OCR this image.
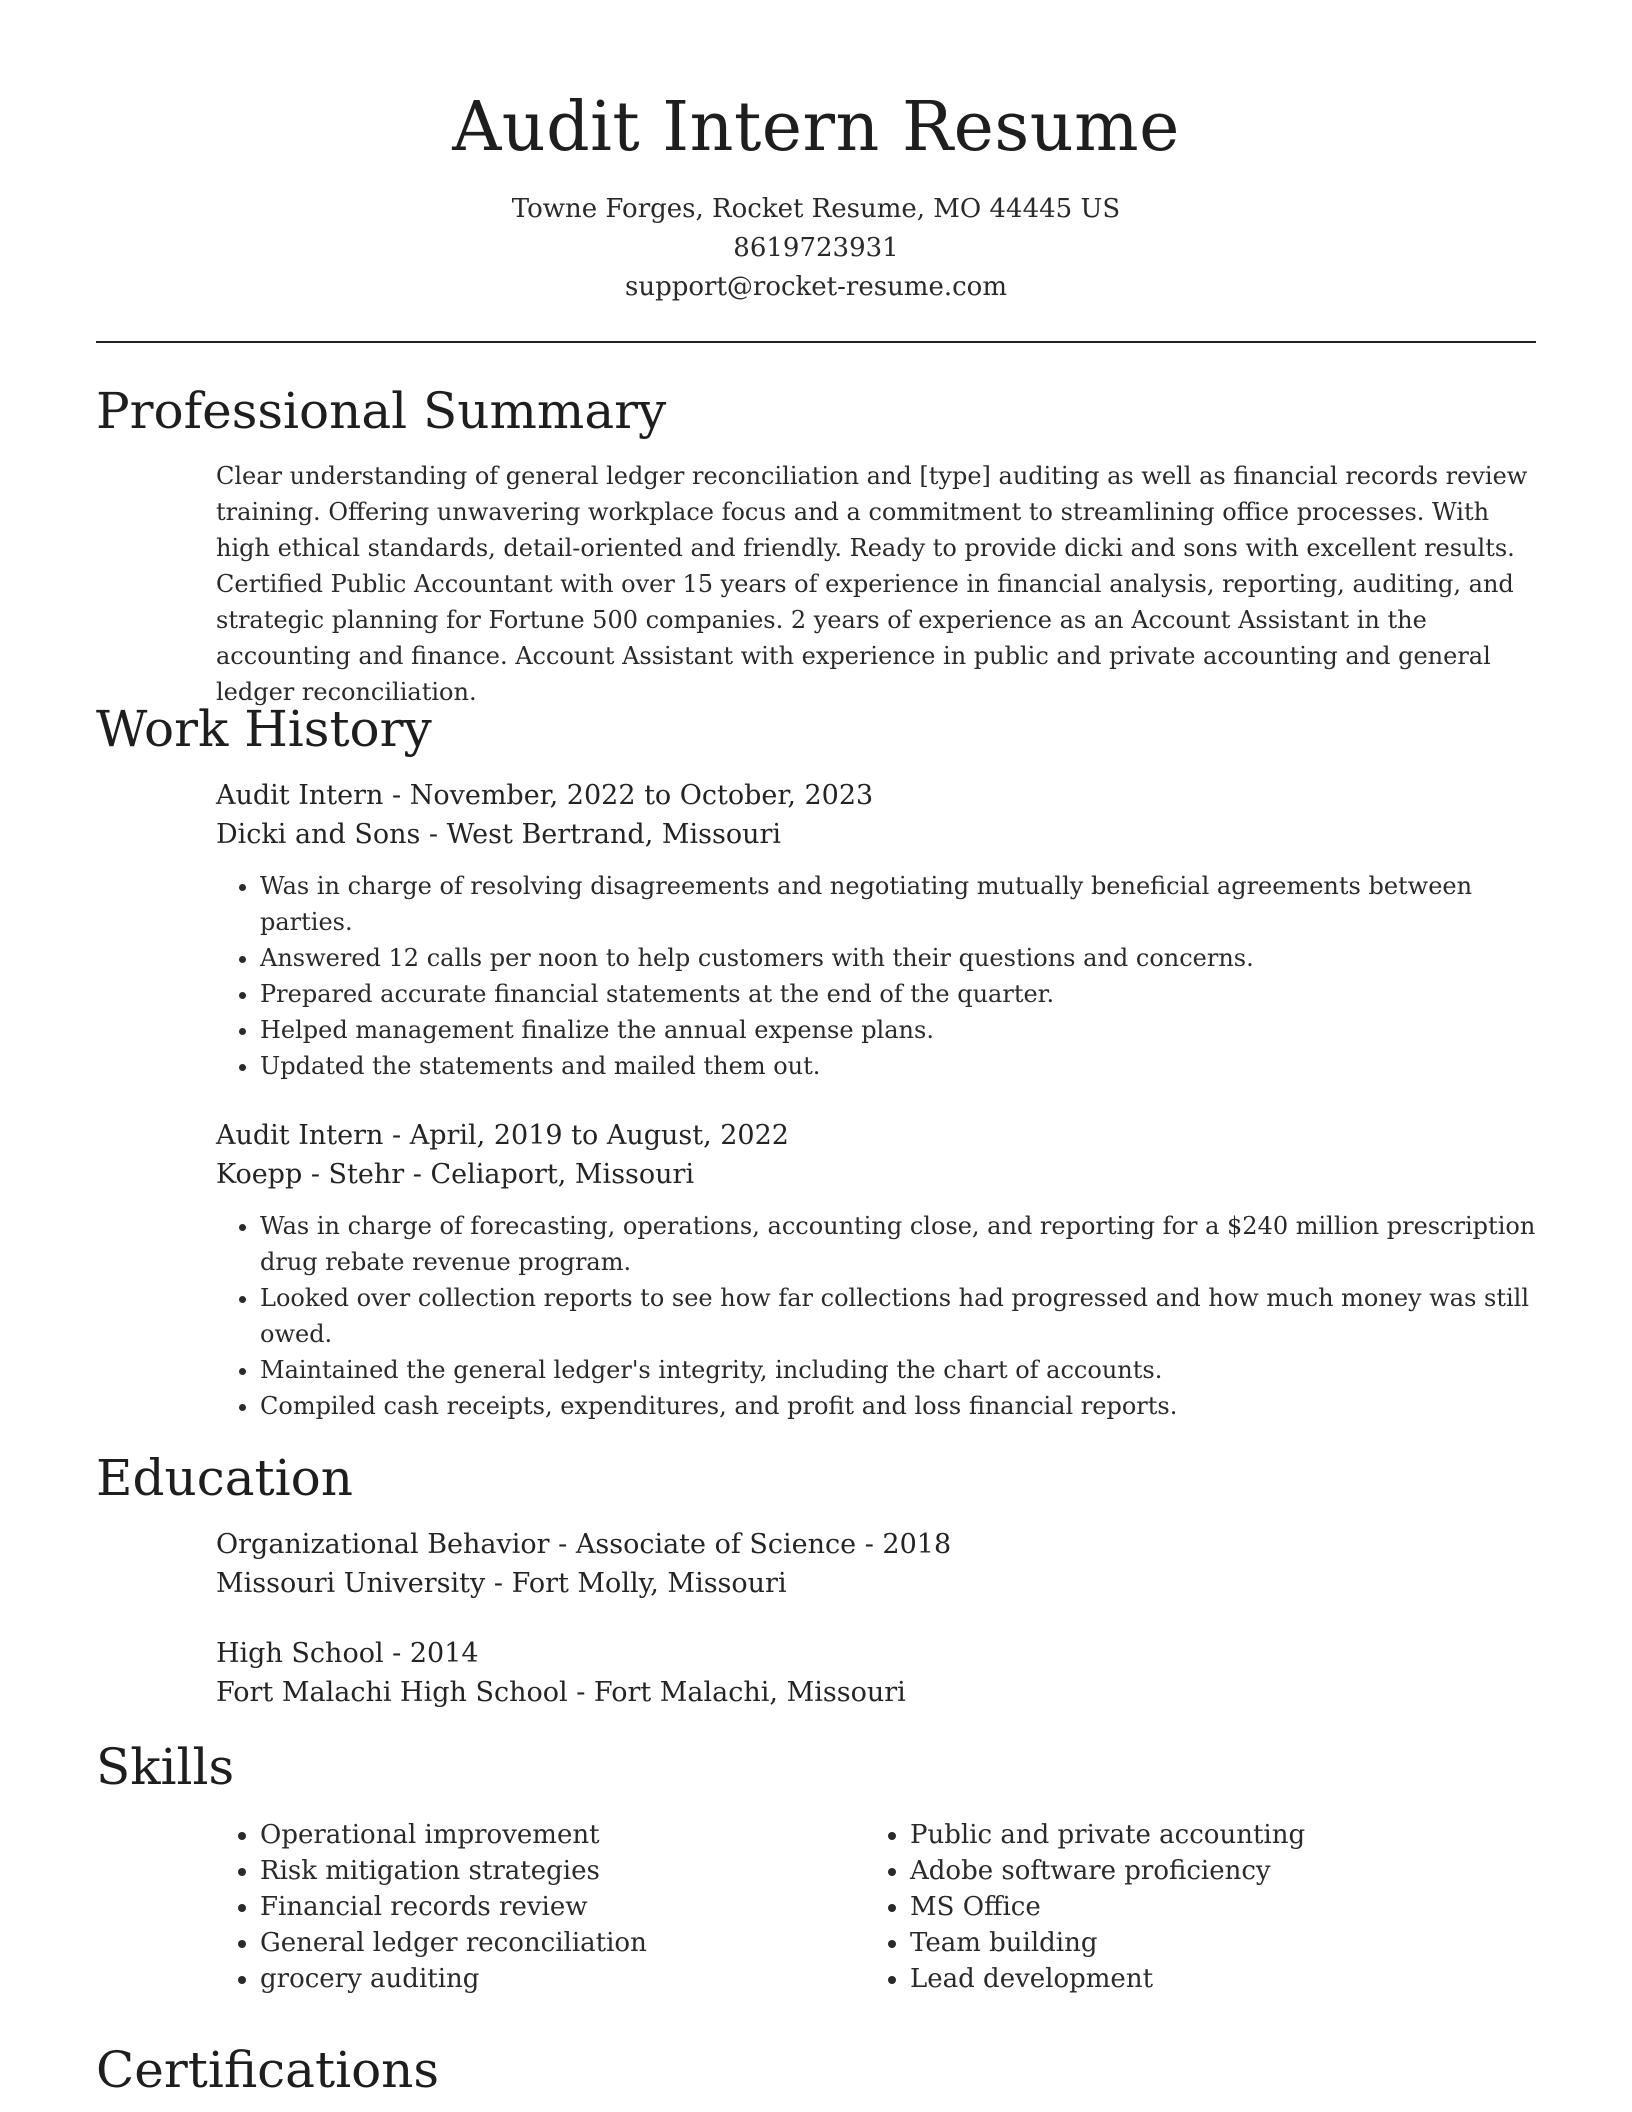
Audit Intern Resume
Towne Forges, Rocket Resume, MO 44445 US
8619723931
support@rocket-resume.com
Professional Summary

Clear understanding of general ledger reconciliation and [type] auditing as well as financial records review training. Offering unwavering workplace focus and a commitment to streamlining office processes. With high ethical standards, detail-oriented and friendly. Ready to provide dicki and sons with excellent results. Certified Public Accountant with over 15 years of experience in financial analysis, reporting, auditing, and strategic planning for Fortune 500 companies. 2 years of experience as an Account Assistant in the accounting and finance. Account Assistant with experience in public and private accounting and general ledger reconciliation.

Work History

Audit Intern - November, 2022 to October, 2023

Dicki and Sons - West Bertrand, Missouri

• Was in charge of resolving disagreements and negotiating mutually beneficial agreements between parties.
• Answered 12 calls per noon to help customers with their questions and concerns.
• Prepared accurate financial statements at the end of the quarter.
• Helped management finalize the annual expense plans.
• Updated the statements and mailed them out.

Audit Intern - April, 2019 to August, 2022

Koepp - Stehr - Celiaport, Missouri

• Was in charge of forecasting, operations, accounting close, and reporting for a $240 million prescription drug rebate revenue program.
• Looked over collection reports to see how far collections had progressed and how much money was still owed.
• Maintained the general ledger's integrity, including the chart of accounts.
• Compiled cash receipts, expenditures, and profit and loss financial reports.
Education

Organizational Behavior - Associate of Science - 2018

Missouri University - Fort Molly, Missouri

High School - 2014

Fort Malachi High School - Fort Malachi, Missouri

Skills
• Operational improvement
• Risk mitigation strategies
• Financial records review
• General ledger reconciliation
• grocery auditing
• Public and private accounting
• Adobe software proficiency
• MS Office
• Team building
• Lead development
Certifications
